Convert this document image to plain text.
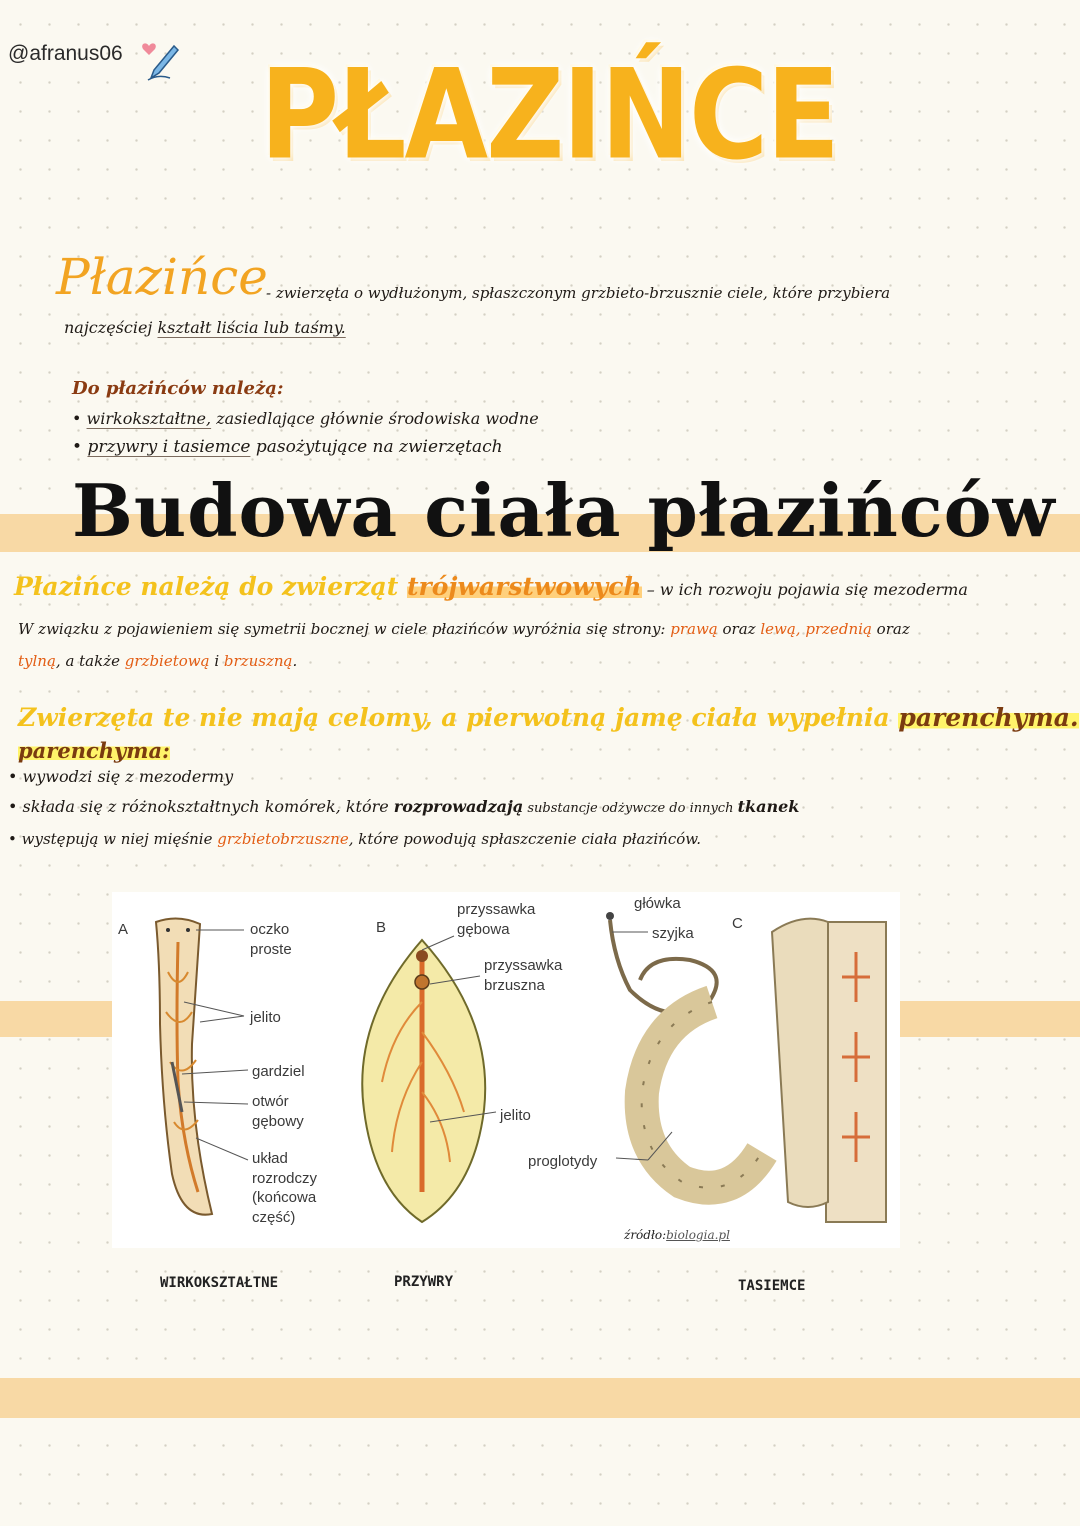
@afranus06 PŁAZIŃCE
Płazińce
- zwierzęta o wydłużonym, spłaszczonym grzbieto-brzusznie ciele, które przybiera
najczęściej kształt liścia lub taśmy.
Do płazińców należą:
• wirkokształtne, zasiedlające głównie środowiska wodne
• przywry i tasiemce pasożytujące na zwierzętach
Budowa ciała płazińców
Płazińce należą do zwierząt trójwarstwowych – w ich rozwoju pojawia się mezoderma
W związku z pojawieniem się symetrii bocznej w ciele płazińców wyróżnia się strony: prawą oraz lewą, przednią oraz
tylną, a także grzbietową i brzuszną.
Zwierzęta te nie mają celomy, a pierwotną jamę ciała wypełnia parenchyma.
parenchyma:
• wywodzi się z mezodermy
• składa się z różnokształtnych komórek, które rozprowadzają substancje odżywcze do innych tkanek
• występują w niej mięśnie grzbietobrzuszne, które powodują spłaszczenie ciała płazińców.
A	B	C
oczko
proste
jelito
gardziel
otwór
gębowy
układ
rozrodczy
(końcowa
część)
przyssawka
gębowa
przyssawka
brzuszna
jelito
proglotydy
główka
szyjka
źródło:biologia.pl
WIRKOKSZTAŁTNE	PRZYWRY	TASIEMCE
